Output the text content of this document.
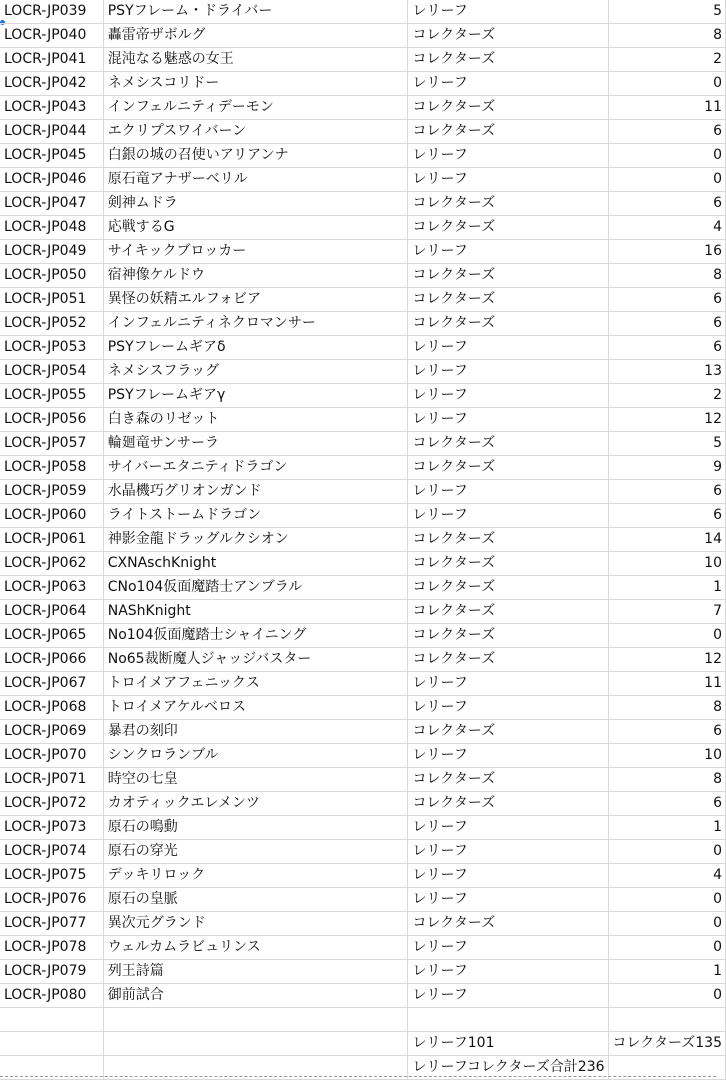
LOCR-JP039	PSYフレーム・ドライバー	レリーフ	5
LOCR-JP040	轟雷帝ザボルグ	コレクターズ	8
LOCR-JP041	混沌なる魅惑の女王	コレクターズ	2
LOCR-JP042	ネメシスコリドー	レリーフ	0
LOCR-JP043	インフェルニティデーモン	コレクターズ	11
LOCR-JP044	エクリプスワイバーン	コレクターズ	6
LOCR-JP045	白銀の城の召使いアリアンナ	レリーフ	0
LOCR-JP046	原石竜アナザーベリル	レリーフ	0
LOCR-JP047	剣神ムドラ	コレクターズ	6
LOCR-JP048	応戦するG	コレクターズ	4
LOCR-JP049	サイキックブロッカー	レリーフ	16
LOCR-JP050	宿神像ケルドウ	コレクターズ	8
LOCR-JP051	異怪の妖精エルフォビア	コレクターズ	6
LOCR-JP052	インフェルニティネクロマンサー	コレクターズ	6
LOCR-JP053	PSYフレームギアδ	レリーフ	6
LOCR-JP054	ネメシスフラッグ	レリーフ	13
LOCR-JP055	PSYフレームギアγ	レリーフ	2
LOCR-JP056	白き森のリゼット	レリーフ	12
LOCR-JP057	輪廻竜サンサーラ	コレクターズ	5
LOCR-JP058	サイバーエタニティドラゴン	コレクターズ	9
LOCR-JP059	水晶機巧グリオンガンド	レリーフ	6
LOCR-JP060	ライトストームドラゴン	レリーフ	6
LOCR-JP061	神影金龍ドラッグルクシオン	コレクターズ	14
LOCR-JP062	CXNAschKnight	コレクターズ	10
LOCR-JP063	CNo104仮面魔踏士アンブラル	コレクターズ	1
LOCR-JP064	NAShKnight	コレクターズ	7
LOCR-JP065	No104仮面魔踏士シャイニング	コレクターズ	0
LOCR-JP066	No65裁断魔人ジャッジバスター	コレクターズ	12
LOCR-JP067	トロイメアフェニックス	レリーフ	11
LOCR-JP068	トロイメアケルベロス	レリーフ	8
LOCR-JP069	暴君の刻印	コレクターズ	6
LOCR-JP070	シンクロランブル	レリーフ	10
LOCR-JP071	時空の七皇	コレクターズ	8
LOCR-JP072	カオティックエレメンツ	コレクターズ	6
LOCR-JP073	原石の鳴動	レリーフ	1
LOCR-JP074	原石の穿光	レリーフ	0
LOCR-JP075	デッキリロック	レリーフ	4
LOCR-JP076	原石の皇脈	レリーフ	0
LOCR-JP077	異次元グランド	コレクターズ	0
LOCR-JP078	ウェルカムラビュリンス	レリーフ	0
LOCR-JP079	列王詩篇	レリーフ	1
LOCR-JP080	御前試合	レリーフ	0

		レリーフ101	コレクターズ135
		レリーフコレクターズ合計236	
